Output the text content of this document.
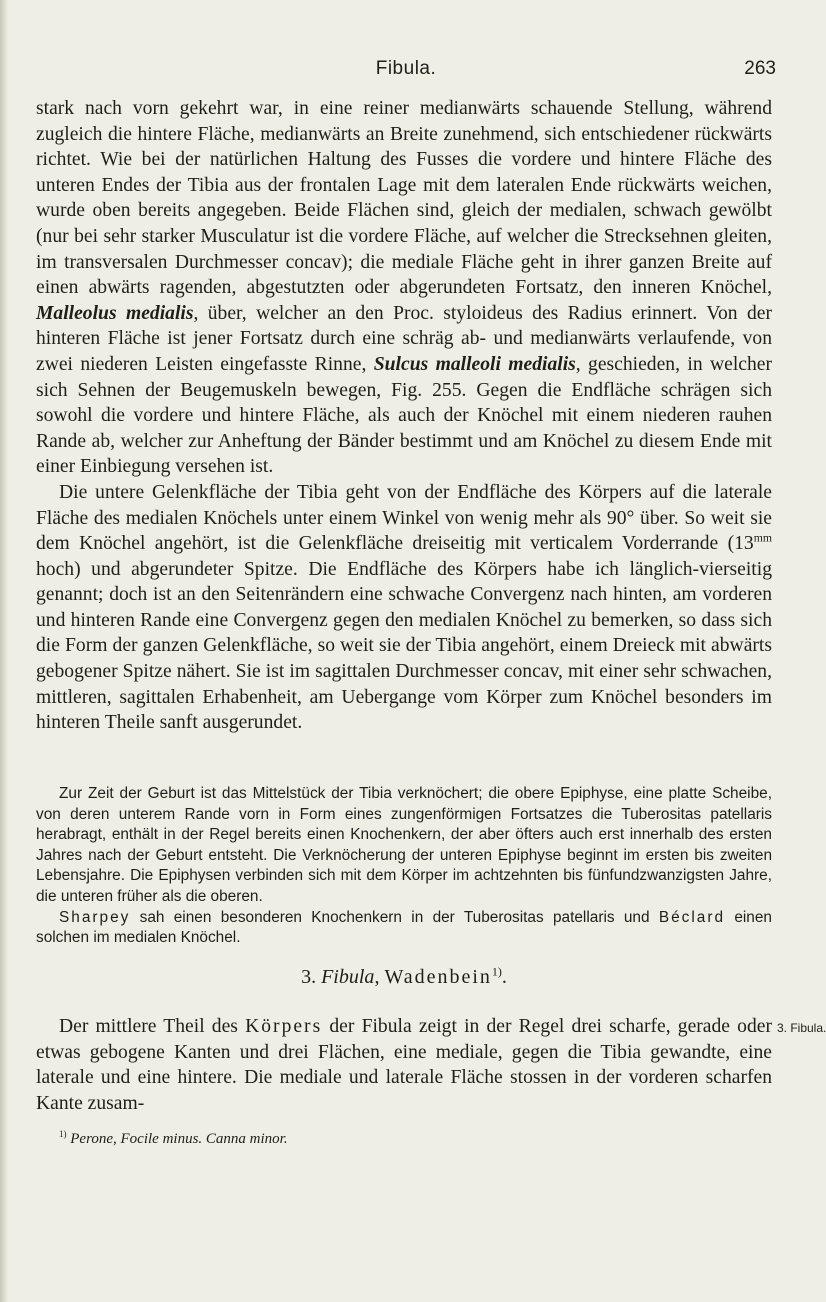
Fibula.	263

stark nach vorn gekehrt war, in eine reiner medianwärts schauende Stellung, während zugleich die hintere Fläche, medianwärts an Breite zunehmend, sich entschiedener rückwärts richtet. Wie bei der natürlichen Haltung des Fusses die vordere und hintere Fläche des unteren Endes der Tibia aus der frontalen Lage mit dem lateralen Ende rückwärts weichen, wurde oben bereits angegeben. Beide Flächen sind, gleich der medialen, schwach gewölbt (nur bei sehr starker Musculatur ist die vordere Fläche, auf welcher die Strecksehnen gleiten, im transversalen Durchmesser concav); die mediale Fläche geht in ihrer ganzen Breite auf einen abwärts ragenden, abgestutzten oder abgerundeten Fortsatz, den inneren Knöchel, Malleolus medialis, über, welcher an den Proc. styloideus des Radius erinnert. Von der hinteren Fläche ist jener Fortsatz durch eine schräg ab- und medianwärts verlaufende, von zwei niederen Leisten eingefasste Rinne, Sulcus malleoli medialis, geschieden, in welcher sich Sehnen der Beugemuskeln bewegen, Fig. 255. Gegen die Endfläche schrägen sich sowohl die vordere und hintere Fläche, als auch der Knöchel mit einem niederen rauhen Rande ab, welcher zur Anheftung der Bänder bestimmt und am Knöchel zu diesem Ende mit einer Einbiegung versehen ist.

Die untere Gelenkfläche der Tibia geht von der Endfläche des Körpers auf die laterale Fläche des medialen Knöchels unter einem Winkel von wenig mehr als 90° über. So weit sie dem Knöchel angehört, ist die Gelenkfläche dreiseitig mit verticalem Vorderrande ($13^{mm}$ hoch) und abgerundeter Spitze. Die Endfläche des Körpers habe ich länglich-vierseitig genannt; doch ist an den Seitenrändern eine schwache Convergenz nach hinten, am vorderen und hinteren Rande eine Convergenz gegen den medialen Knöchel zu bemerken, so dass sich die Form der ganzen Gelenkfläche, so weit sie der Tibia angehört, einem Dreieck mit abwärts gebogener Spitze nähert. Sie ist im sagittalen Durchmesser concav, mit einer sehr schwachen, mittleren, sagittalen Erhabenheit, am Uebergange vom Körper zum Knöchel besonders im hinteren Theile sanft ausgerundet.

Zur Zeit der Geburt ist das Mittelstück der Tibia verknöchert; die obere Epiphyse, eine platte Scheibe, von deren unterem Rande vorn in Form eines zungenförmigen Fortsatzes die Tuberositas patellaris herabragt, enthält in der Regel bereits einen Knochenkern, der aber öfters auch erst innerhalb des ersten Jahres nach der Geburt entsteht. Die Verknöcherung der unteren Epiphyse beginnt im ersten bis zweiten Lebensjahre. Die Epiphysen verbinden sich mit dem Körper im achtzehnten bis fünfundzwanzigsten Jahre, die unteren früher als die oberen.

Sharpey sah einen besonderen Knochenkern in der Tuberositas patellaris und Béclard einen solchen im medialen Knöchel.

3. Fibula, Wadenbein$^{1)}$.

Der mittlere Theil des Körpers der Fibula zeigt in der Regel drei scharfe, gerade oder etwas gebogene Kanten und drei Flächen, eine mediale, gegen die Tibia gewandte, eine laterale und eine hintere. Die mediale und laterale Fläche stossen in der vorderen scharfen Kante zusam-

3. Fibula.
$^{1)}$ Perone, Focile minus. Canna minor.
